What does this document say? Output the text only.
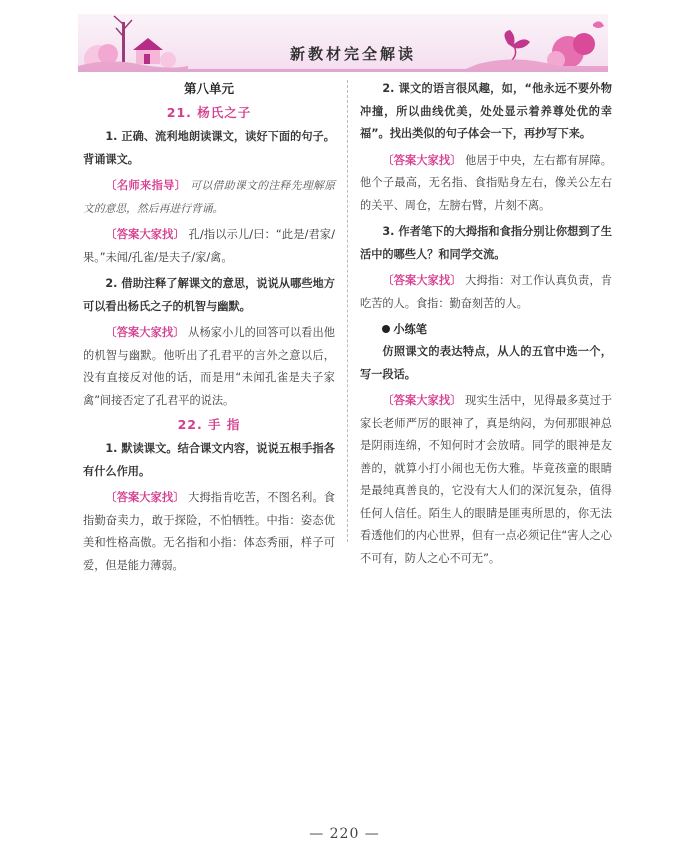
新教材完全解读
第八单元
21. 杨氏之子

1. 正确、流利地朗读课文，读好下面的句子。背诵课文。

〔名师来指导〕 可以借助课文的注释先理解原文的意思，然后再进行背诵。

〔答案大家找〕 孔/指以示儿/曰：“此是/君家/果。”未闻/孔雀/是夫子/家/禽。

2. 借助注释了解课文的意思，说说从哪些地方可以看出杨氏之子的机智与幽默。

〔答案大家找〕 从杨家小儿的回答可以看出他的机智与幽默。他听出了孔君平的言外之意以后，没有直接反对他的话，而是用“未闻孔雀是夫子家禽”间接否定了孔君平的说法。

22. 手 指

1. 默读课文。结合课文内容，说说五根手指各有什么作用。

〔答案大家找〕 大拇指肯吃苦，不图名利。食指勤奋卖力，敢于探险，不怕牺牲。中指：姿态优美和性格高傲。无名指和小指：体态秀丽，样子可爱，但是能力薄弱。

2. 课文的语言很风趣，如，“他永远不要外物冲撞，所以曲线优美，处处显示着养尊处优的幸福”。找出类似的句子体会一下，再抄写下来。

〔答案大家找〕 他居于中央，左右都有屏障。他个子最高，无名指、食指贴身左右，像关公左右的关平、周仓，左膀右臂，片刻不离。

3. 作者笔下的大拇指和食指分别让你想到了生活中的哪些人？和同学交流。

〔答案大家找〕 大拇指：对工作认真负责，肯吃苦的人。食指：勤奋刻苦的人。

小练笔

仿照课文的表达特点，从人的五官中选一个，写一段话。

〔答案大家找〕 现实生活中，见得最多莫过于家长老师严厉的眼神了，真是纳闷，为何那眼神总是阴雨连绵，不知何时才会放晴。同学的眼神是友善的，就算小打小闹也无伤大雅。毕竟孩童的眼睛是最纯真善良的，它没有大人们的深沉复杂，值得任何人信任。陌生人的眼睛是匪夷所思的，你无法看透他们的内心世界，但有一点必须记住“害人之心不可有，防人之心不可无”。

— 220 —
